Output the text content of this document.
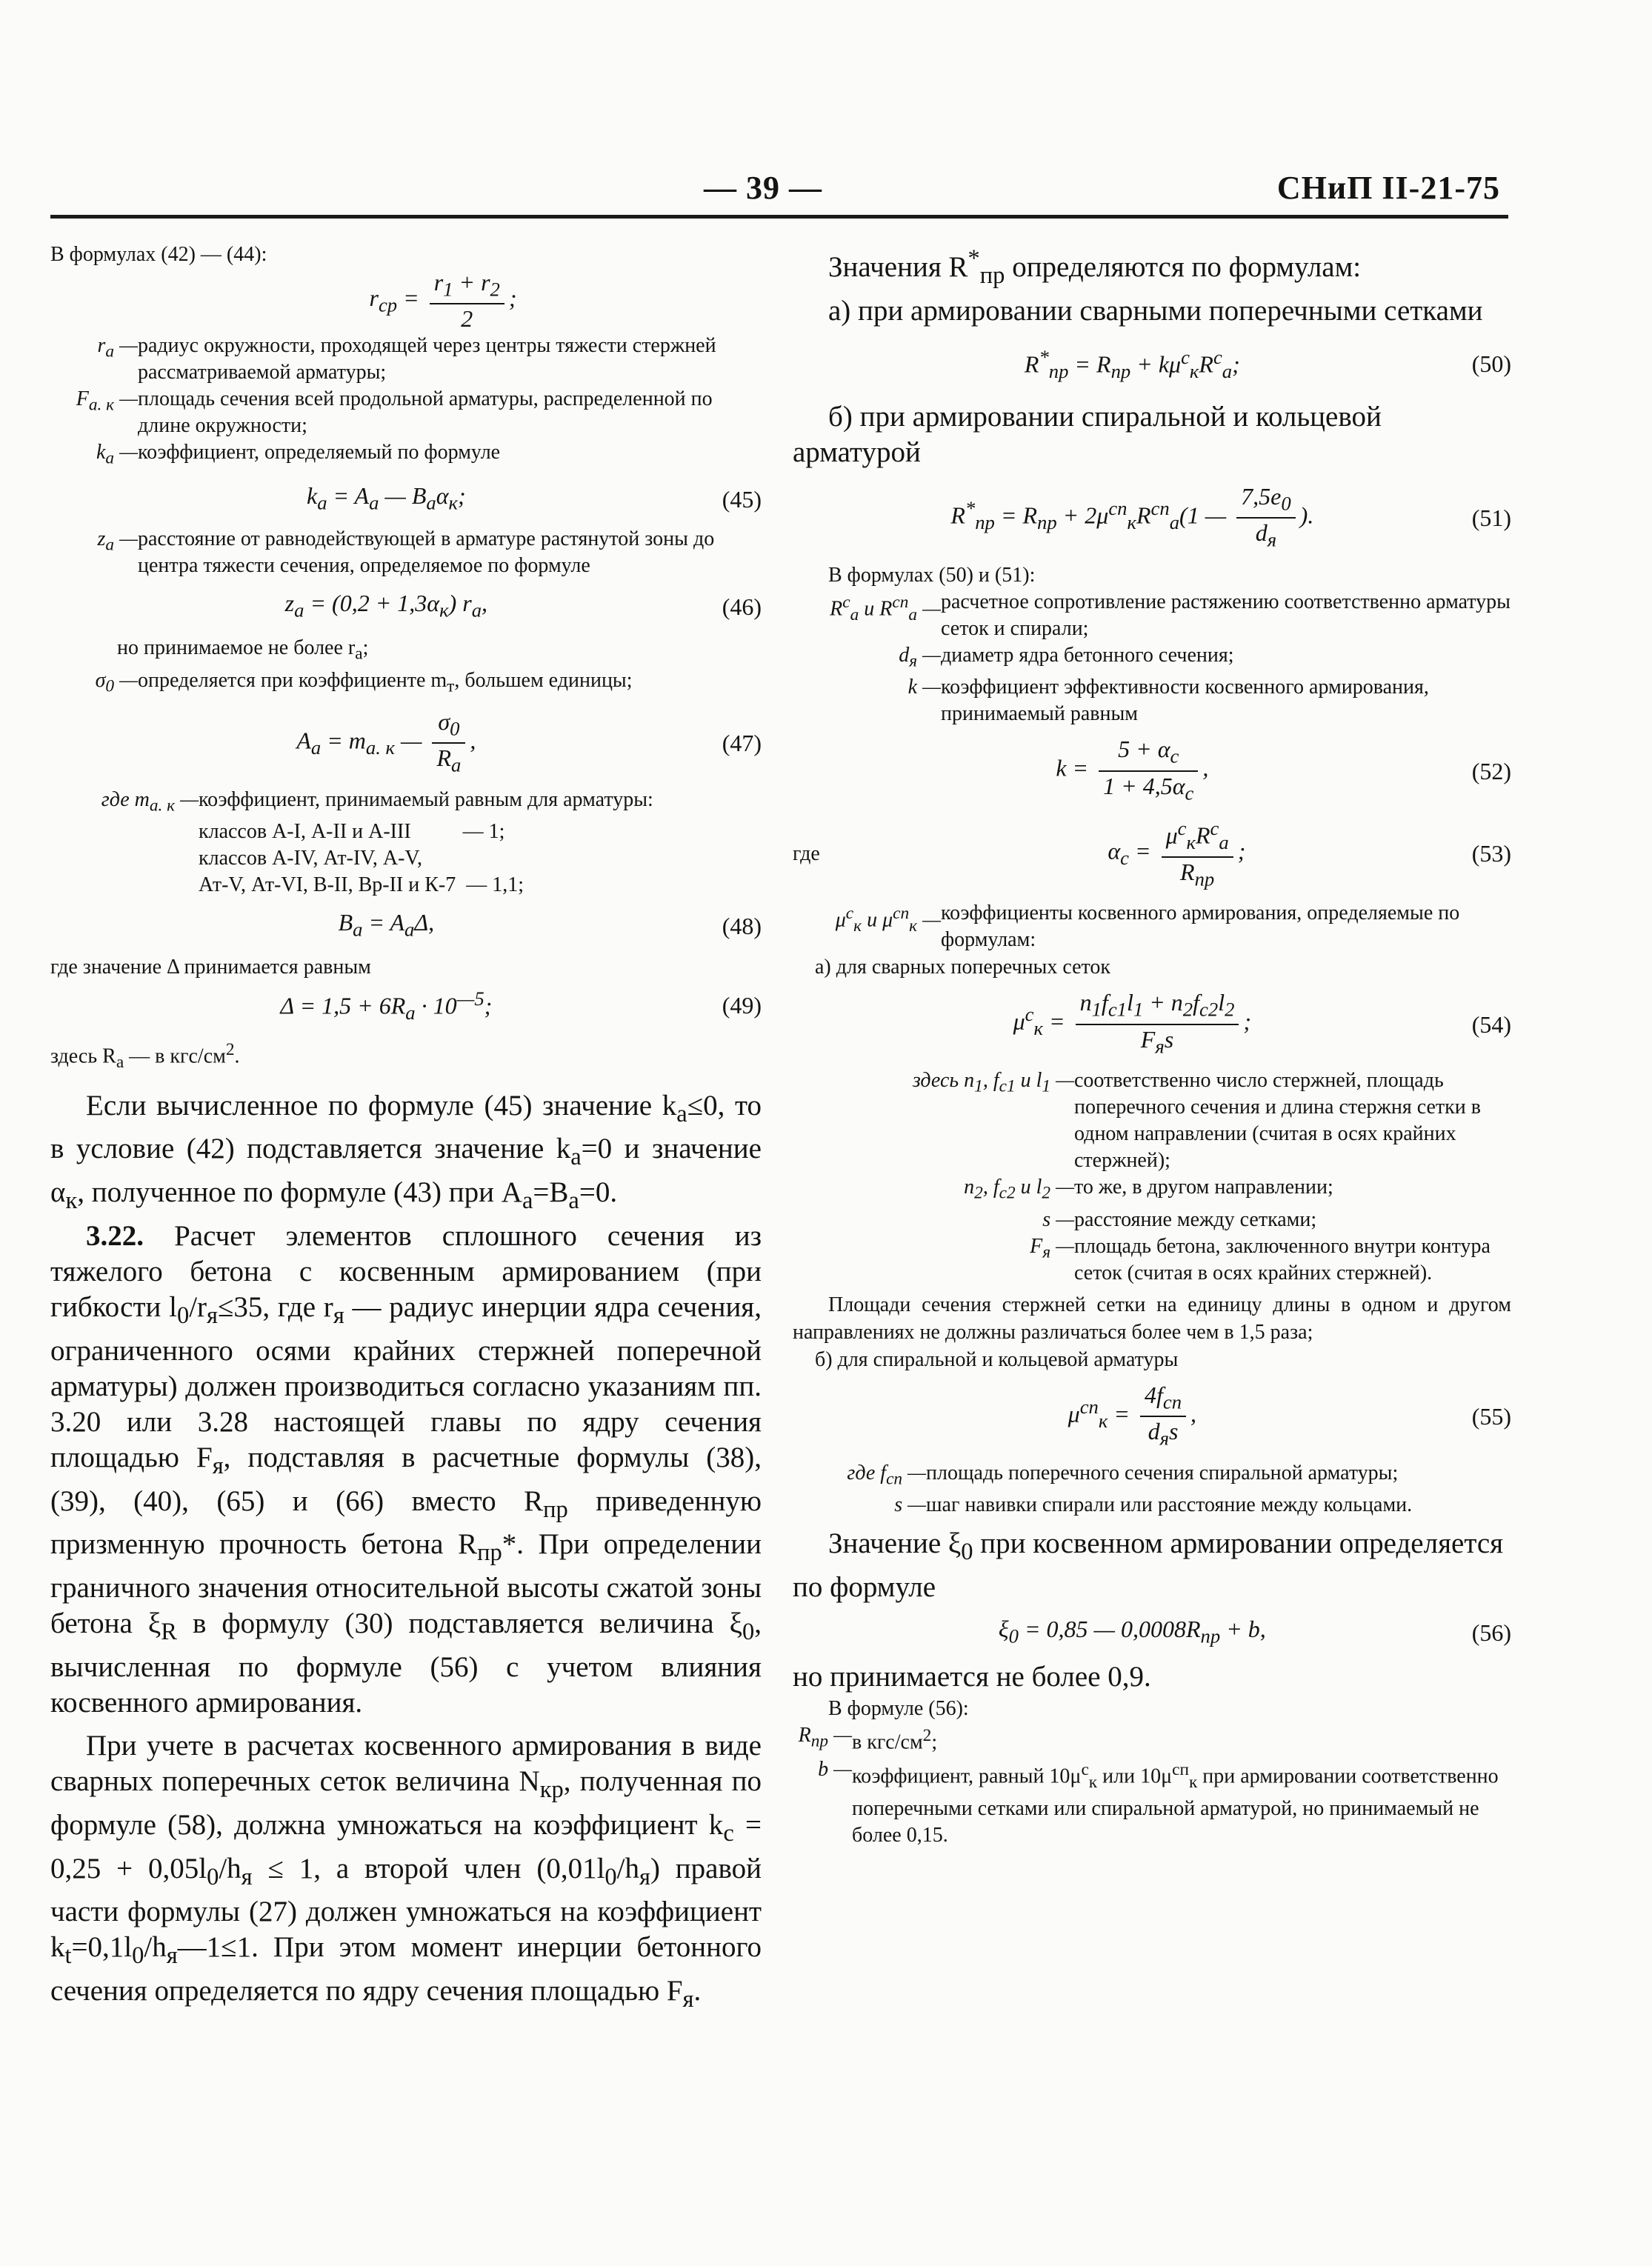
— 39 —	СНиП II-21-75

В формулах (42) — (44):

$r_{ср} = \frac{r_1 + r_2}{2}$ ;
$r_a$ — радиус окружности, проходящей через центры тяжести стержней рассматриваемой арматуры;
$F_{a. к}$ — площадь сечения всей продольной арматуры, распределенной по длине окружности;
$k_a$ — коэффициент, определяемый по формуле
$k_a = A_a$ — $B_a\alpha_к$;	(45)
$z_a$ — расстояние от равнодействующей в арматуре растянутой зоны до центра тяжести сечения, определяемое по формуле
$z_a = (0,2 + 1,3\alpha_к)$ $r_a$,	(46)

но принимаемое не более $r_a$;

$\sigma_0$ — определяется при коэффициенте $m_т$, большем единицы;
$A_a = m_{a. к}$ — $\frac{\sigma_0}{R_a}$ ,	(47)
где $m_{a. к}$ — коэффициент, принимаемый равным для арматуры:
классов А-I, А-II и А-III          — 1;
классов А-IV, Ат-IV, А-V,
Ат-V, Ат-VI, В-II, Вр-II и К-7  — 1,1;
$B_a = A_a\Delta$,	(48)

где значение Δ принимается равным

$\Delta = 1,5 + 6R_a \cdot 10^{—5}$;	(49)

здесь $R_a$ — в кгс/$см^2$.

Если вычисленное по формуле (45) значение $k_a\le 0$, то в условие (42) подставляется значение $k_a=0$ и значение $\alpha_к$, полученное по формуле (43) при $A_a=B_a=0$.

3.22. Расчет элементов сплошного сечения из тяжелого бетона с косвенным армированием (при гибкости $l_0/r_я\le 35$, где $r_я$ — радиус инерции ядра сечения, ограниченного осями крайних стержней поперечной арматуры) должен производиться согласно указаниям пп. 3.20 или 3.28 настоящей главы по ядру сечения площадью $F_я$, подставляя в расчетные формулы (38), (39), (40), (65) и (66) вместо $R_{пр}$ приведенную призменную прочность бетона $R_{пр}*$. При определении граничного значения относительной высоты сжатой зоны бетона $\xi_R$ в формулу (30) подставляется величина $\xi_0$, вычисленная по формуле (56) с учетом влияния косвенного армирования.

При учете в расчетах косвенного армирования в виде сварных поперечных сеток величина $N_{кр}$, полученная по формуле (58), должна умножаться на коэффициент $k_c = 0,25 + 0,05l_0/h_я \le 1$, а второй член $(0,01l_0/h_я)$ правой части формулы (27) должен умножаться на коэффициент $k_t=0,1l_0/h_я—1\le 1$. При этом момент инерции бетонного сечения определяется по ядру сечения площадью $F_я$.

Значения $R^*_{пр}$ определяются по формулам:

а) при армировании сварными поперечными сетками

$R^*_{пр} = R_{пр} + k\mu^с_кR^с_a$;	(50)

б) при армировании спиральной и кольцевой арматурой

$R^*_{пр} = R_{пр} + 2\mu^{сп}_кR^{сп}_a(1$ — $\frac{7,5e_0}{d_я}$ ).	(51)

В формулах (50) и (51):

$R^с_a$ и $R^{сп}_a$ — расчетное сопротивление растяжению соответственно арматуры сеток и спирали;
$d_я$ — диаметр ядра бетонного сечения;
k — коэффициент эффективности косвенного армирования, принимаемый равным
$k = \frac{5 + \alpha_с}{1 + 4,5\alpha_с}$ ,	(52)
где	$\alpha_с = \frac{\mu^с_кR^с_a}{R_{пр}}$ ;	(53)
$\mu^с_к$ и $\mu^{сп}_к$ — коэффициенты косвенного армирования, определяемые по формулам:

а) для сварных поперечных сеток

$\mu^с_к = \frac{n_1f_{c1}l_1 + n_2f_{c2}l_2}{F_яs}$ ;	(54)
здесь $n_1$, $f_{c1}$ и $l_1$ — соответственно число стержней, площадь поперечного сечения и длина стержня сетки в одном направлении (считая в осях крайних стержней);
$n_2$, $f_{c2}$ и $l_2$ — то же, в другом направлении;
s — расстояние между сетками;
$F_я$ — площадь бетона, заключенного внутри контура сеток (считая в осях крайних стержней).

Площади сечения стержней сетки на единицу длины в одном и другом направлениях не должны различаться более чем в 1,5 раза;

б) для спиральной и кольцевой арматуры

$\mu^{сп}_к = \frac{4f_{сп}}{d_яs}$ ,	(55)
где $f_{сп}$ — площадь поперечного сечения спиральной арматуры;
s — шаг навивки спирали или расстояние между кольцами.

Значение $\xi_0$ при косвенном армировании определяется по формуле

$\xi_0 = 0,85$ — $0,0008R_{пр} + b$,	(56)

но принимается не более 0,9.

В формуле (56):

$R_{пр}$ — в кгс/$см^2$;
b — коэффициент, равный $10\mu^с_к$ или $10\mu^{сп}_к$ при армировании соответственно поперечными сетками или спиральной арматурой, но принимаемый не более 0,15.
